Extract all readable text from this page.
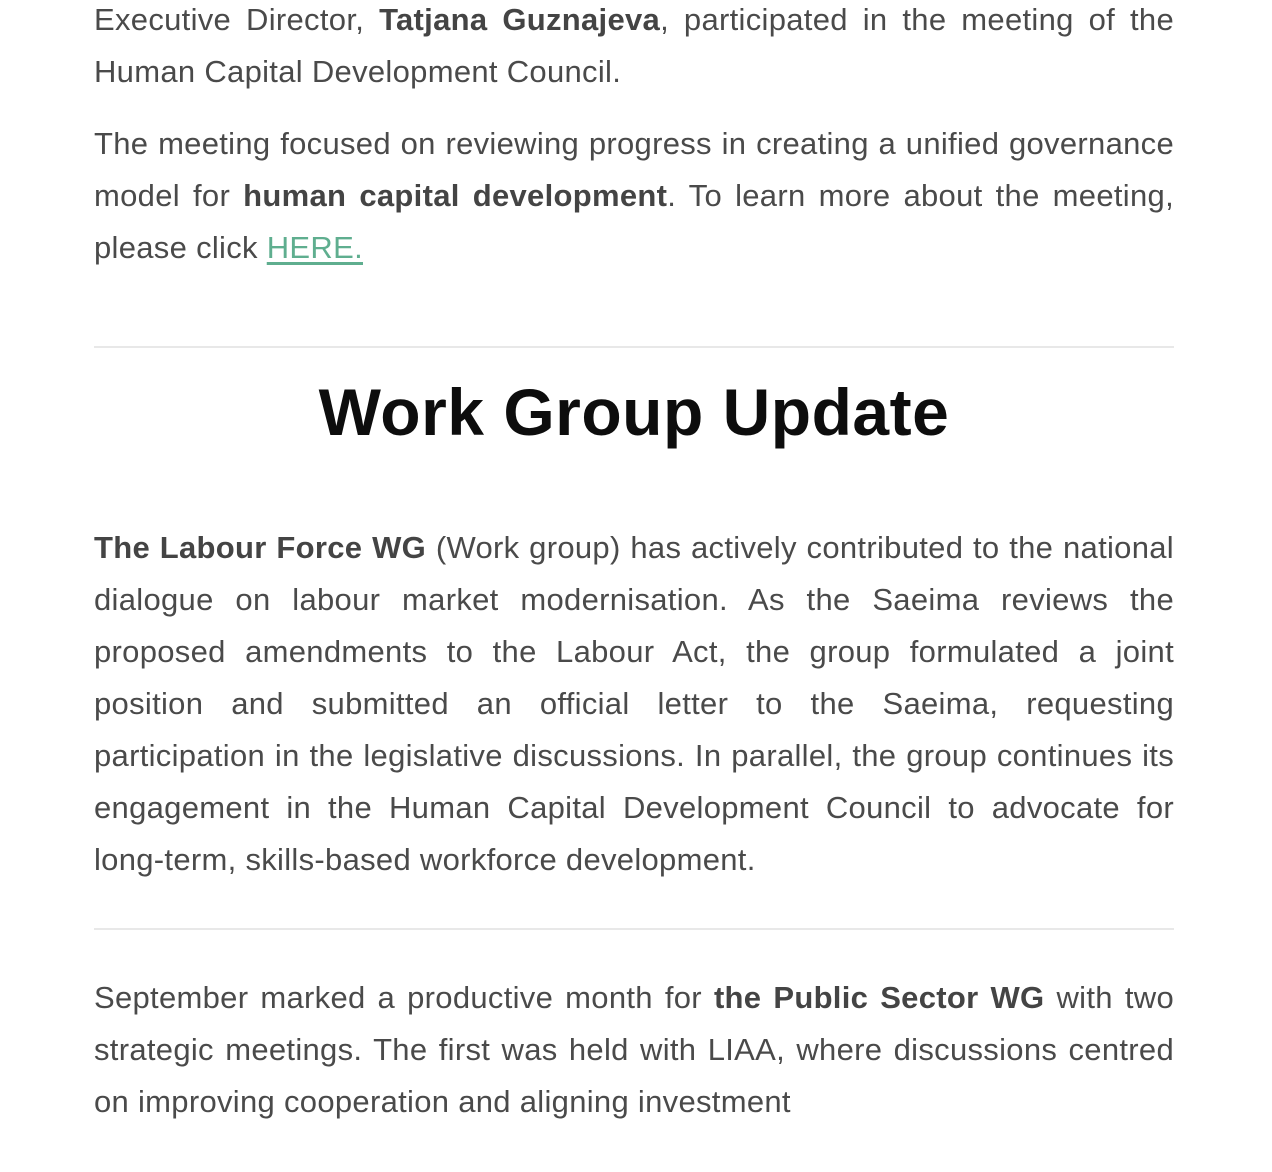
Executive Director, Tatjana Guznajeva, participated in the meeting of the Human Capital Development Council.

The meeting focused on reviewing progress in creating a unified governance model for human capital development. To learn more about the meeting, please click HERE.

Work Group Update

The Labour Force WG (Work group) has actively contributed to the national dialogue on labour market modernisation. As the Saeima reviews the proposed amendments to the Labour Act, the group formulated a joint position and submitted an official letter to the Saeima, requesting participation in the legislative discussions. In parallel, the group continues its engagement in the Human Capital Development Council to advocate for long-term, skills-based workforce development.

September marked a productive month for the Public Sector WG with two strategic meetings. The first was held with LIAA, where discussions centred on improving cooperation and aligning investment
